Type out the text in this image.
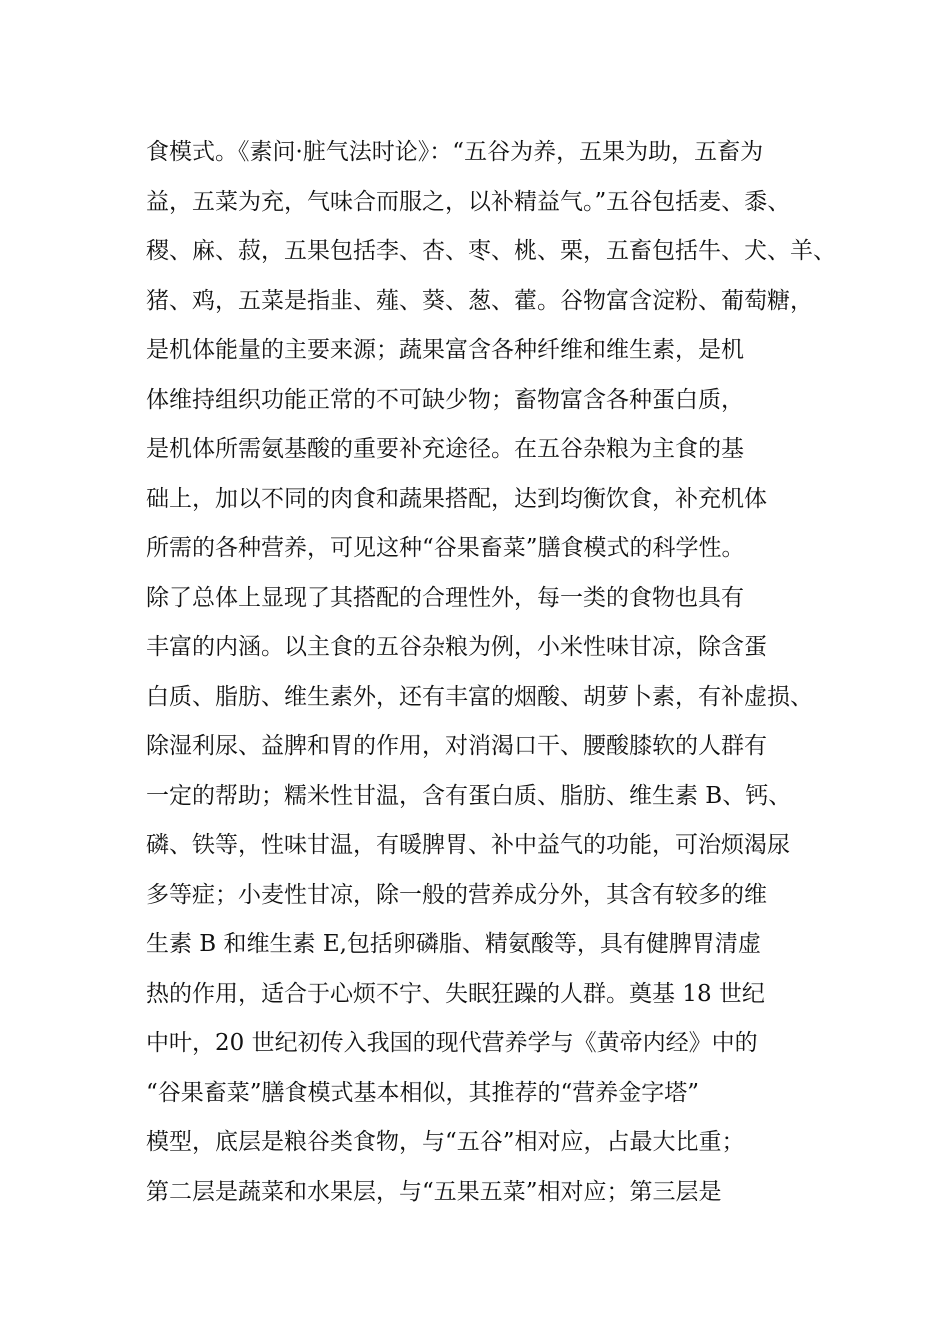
食模式。《素问·脏气法时论》：“五谷为养，五果为助，五畜为
益，五菜为充，气味合而服之，以补精益气。”五谷包括麦、黍、
稷、麻、菽，五果包括李、杏、枣、桃、栗，五畜包括牛、犬、羊、
猪、鸡，五菜是指韭、薤、葵、葱、藿。谷物富含淀粉、葡萄糖，
是机体能量的主要来源；蔬果富含各种纤维和维生素，是机
体维持组织功能正常的不可缺少物；畜物富含各种蛋白质，
是机体所需氨基酸的重要补充途径。在五谷杂粮为主食的基
础上，加以不同的肉食和蔬果搭配，达到均衡饮食，补充机体
所需的各种营养，可见这种“谷果畜菜”膳食模式的科学性。
除了总体上显现了其搭配的合理性外，每一类的食物也具有
丰富的内涵。以主食的五谷杂粮为例，小米性味甘凉，除含蛋
白质、脂肪、维生素外，还有丰富的烟酸、胡萝卜素，有补虚损、
除湿利尿、益脾和胃的作用，对消渴口干、腰酸膝软的人群有
一定的帮助；糯米性甘温，含有蛋白质、脂肪、维生素 B、钙、
磷、铁等，性味甘温，有暖脾胃、补中益气的功能，可治烦渴尿
多等症；小麦性甘凉，除一般的营养成分外，其含有较多的维
生素 B 和维生素 E,包括卵磷脂、精氨酸等，具有健脾胃清虚
热的作用，适合于心烦不宁、失眠狂躁的人群。奠基 18 世纪
中叶，20 世纪初传入我国的现代营养学与《黄帝内经》中的
“谷果畜菜”膳食模式基本相似，其推荐的“营养金字塔”
模型，底层是粮谷类食物，与“五谷”相对应，占最大比重；
第二层是蔬菜和水果层，与“五果五菜”相对应；第三层是
